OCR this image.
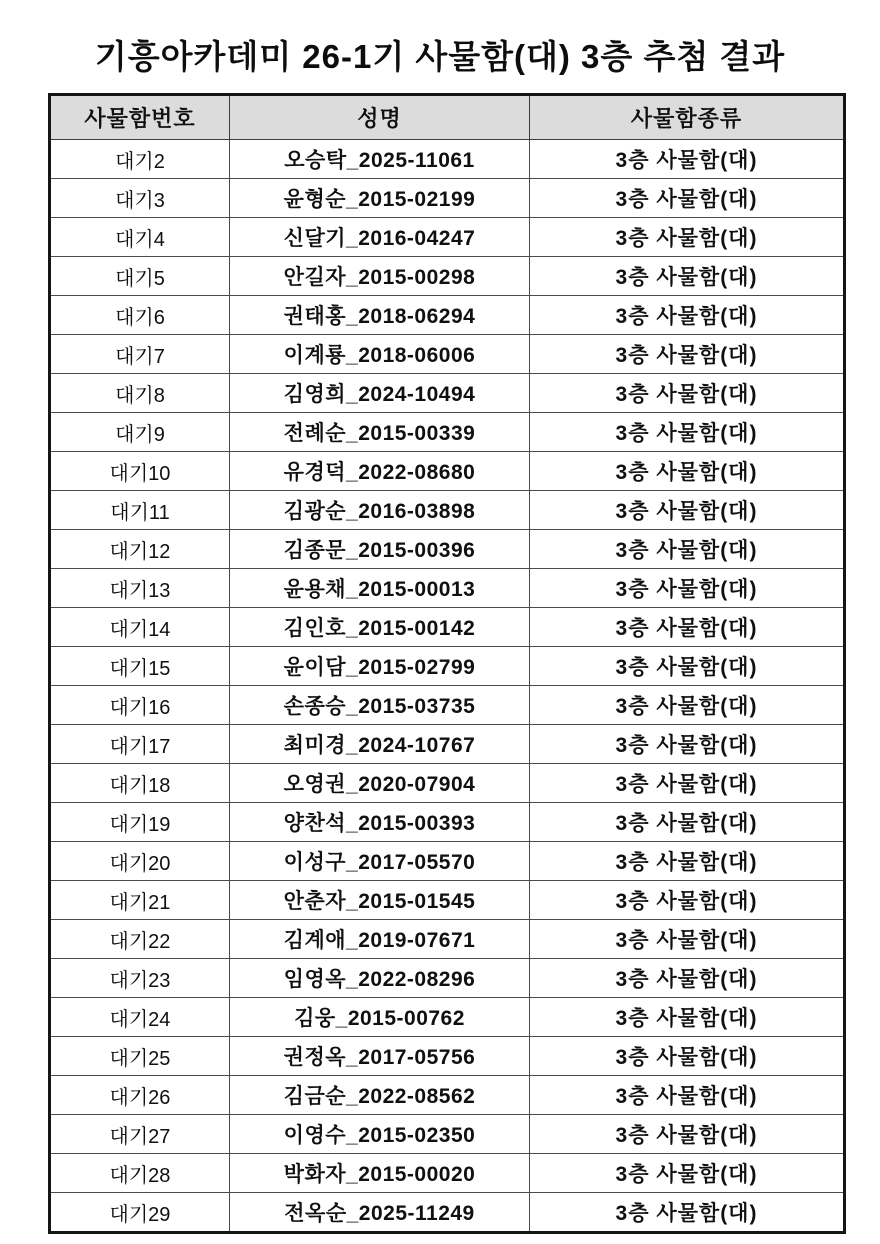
기흥아카데미 26-1기 사물함(대) 3층 추첨 결과
사물함번호	성명	사물함종류
대기2	오승탁_2025-11061	3층 사물함(대)
대기3	윤형순_2015-02199	3층 사물함(대)
대기4	신달기_2016-04247	3층 사물함(대)
대기5	안길자_2015-00298	3층 사물함(대)
대기6	권태홍_2018-06294	3층 사물함(대)
대기7	이계룡_2018-06006	3층 사물함(대)
대기8	김영희_2024-10494	3층 사물함(대)
대기9	전례순_2015-00339	3층 사물함(대)
대기10	유경덕_2022-08680	3층 사물함(대)
대기11	김광순_2016-03898	3층 사물함(대)
대기12	김종문_2015-00396	3층 사물함(대)
대기13	윤용채_2015-00013	3층 사물함(대)
대기14	김인호_2015-00142	3층 사물함(대)
대기15	윤이담_2015-02799	3층 사물함(대)
대기16	손종승_2015-03735	3층 사물함(대)
대기17	최미경_2024-10767	3층 사물함(대)
대기18	오영권_2020-07904	3층 사물함(대)
대기19	양찬석_2015-00393	3층 사물함(대)
대기20	이성구_2017-05570	3층 사물함(대)
대기21	안춘자_2015-01545	3층 사물함(대)
대기22	김계애_2019-07671	3층 사물함(대)
대기23	임영옥_2022-08296	3층 사물함(대)
대기24	김웅_2015-00762	3층 사물함(대)
대기25	권정옥_2017-05756	3층 사물함(대)
대기26	김금순_2022-08562	3층 사물함(대)
대기27	이영수_2015-02350	3층 사물함(대)
대기28	박화자_2015-00020	3층 사물함(대)
대기29	전옥순_2025-11249	3층 사물함(대)
